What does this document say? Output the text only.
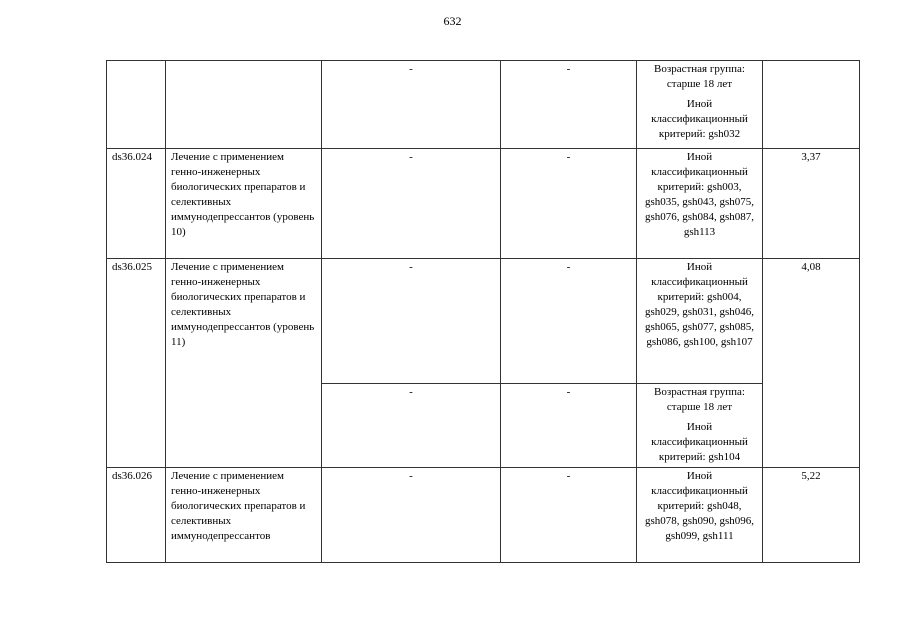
632
		-	-	Возрастная группа: старше 18 лет

Иной классификационный критерий: gsh032	

ds36.024	Лечение с применением генно-инженерных биологических препаратов и селективных иммунодепрессантов (уровень 10)	-	-	Иной классификационный критерий: gsh003, gsh035, gsh043, gsh075, gsh076, gsh084, gsh087, gsh113	3,37
ds36.025	Лечение с применением генно-инженерных биологических препаратов и селективных иммунодепрессантов (уровень 11)	-	-	Иной классификационный критерий: gsh004, gsh029, gsh031, gsh046, gsh065, gsh077, gsh085, gsh086, gsh100, gsh107	4,08
		-	-	Возрастная группа: старше 18 лет

Иной классификационный критерий: gsh104	

ds36.026	Лечение с применением генно-инженерных биологических препаратов и селективных иммунодепрессантов	-	-	Иной классификационный критерий: gsh048, gsh078, gsh090, gsh096, gsh099, gsh111	5,22
